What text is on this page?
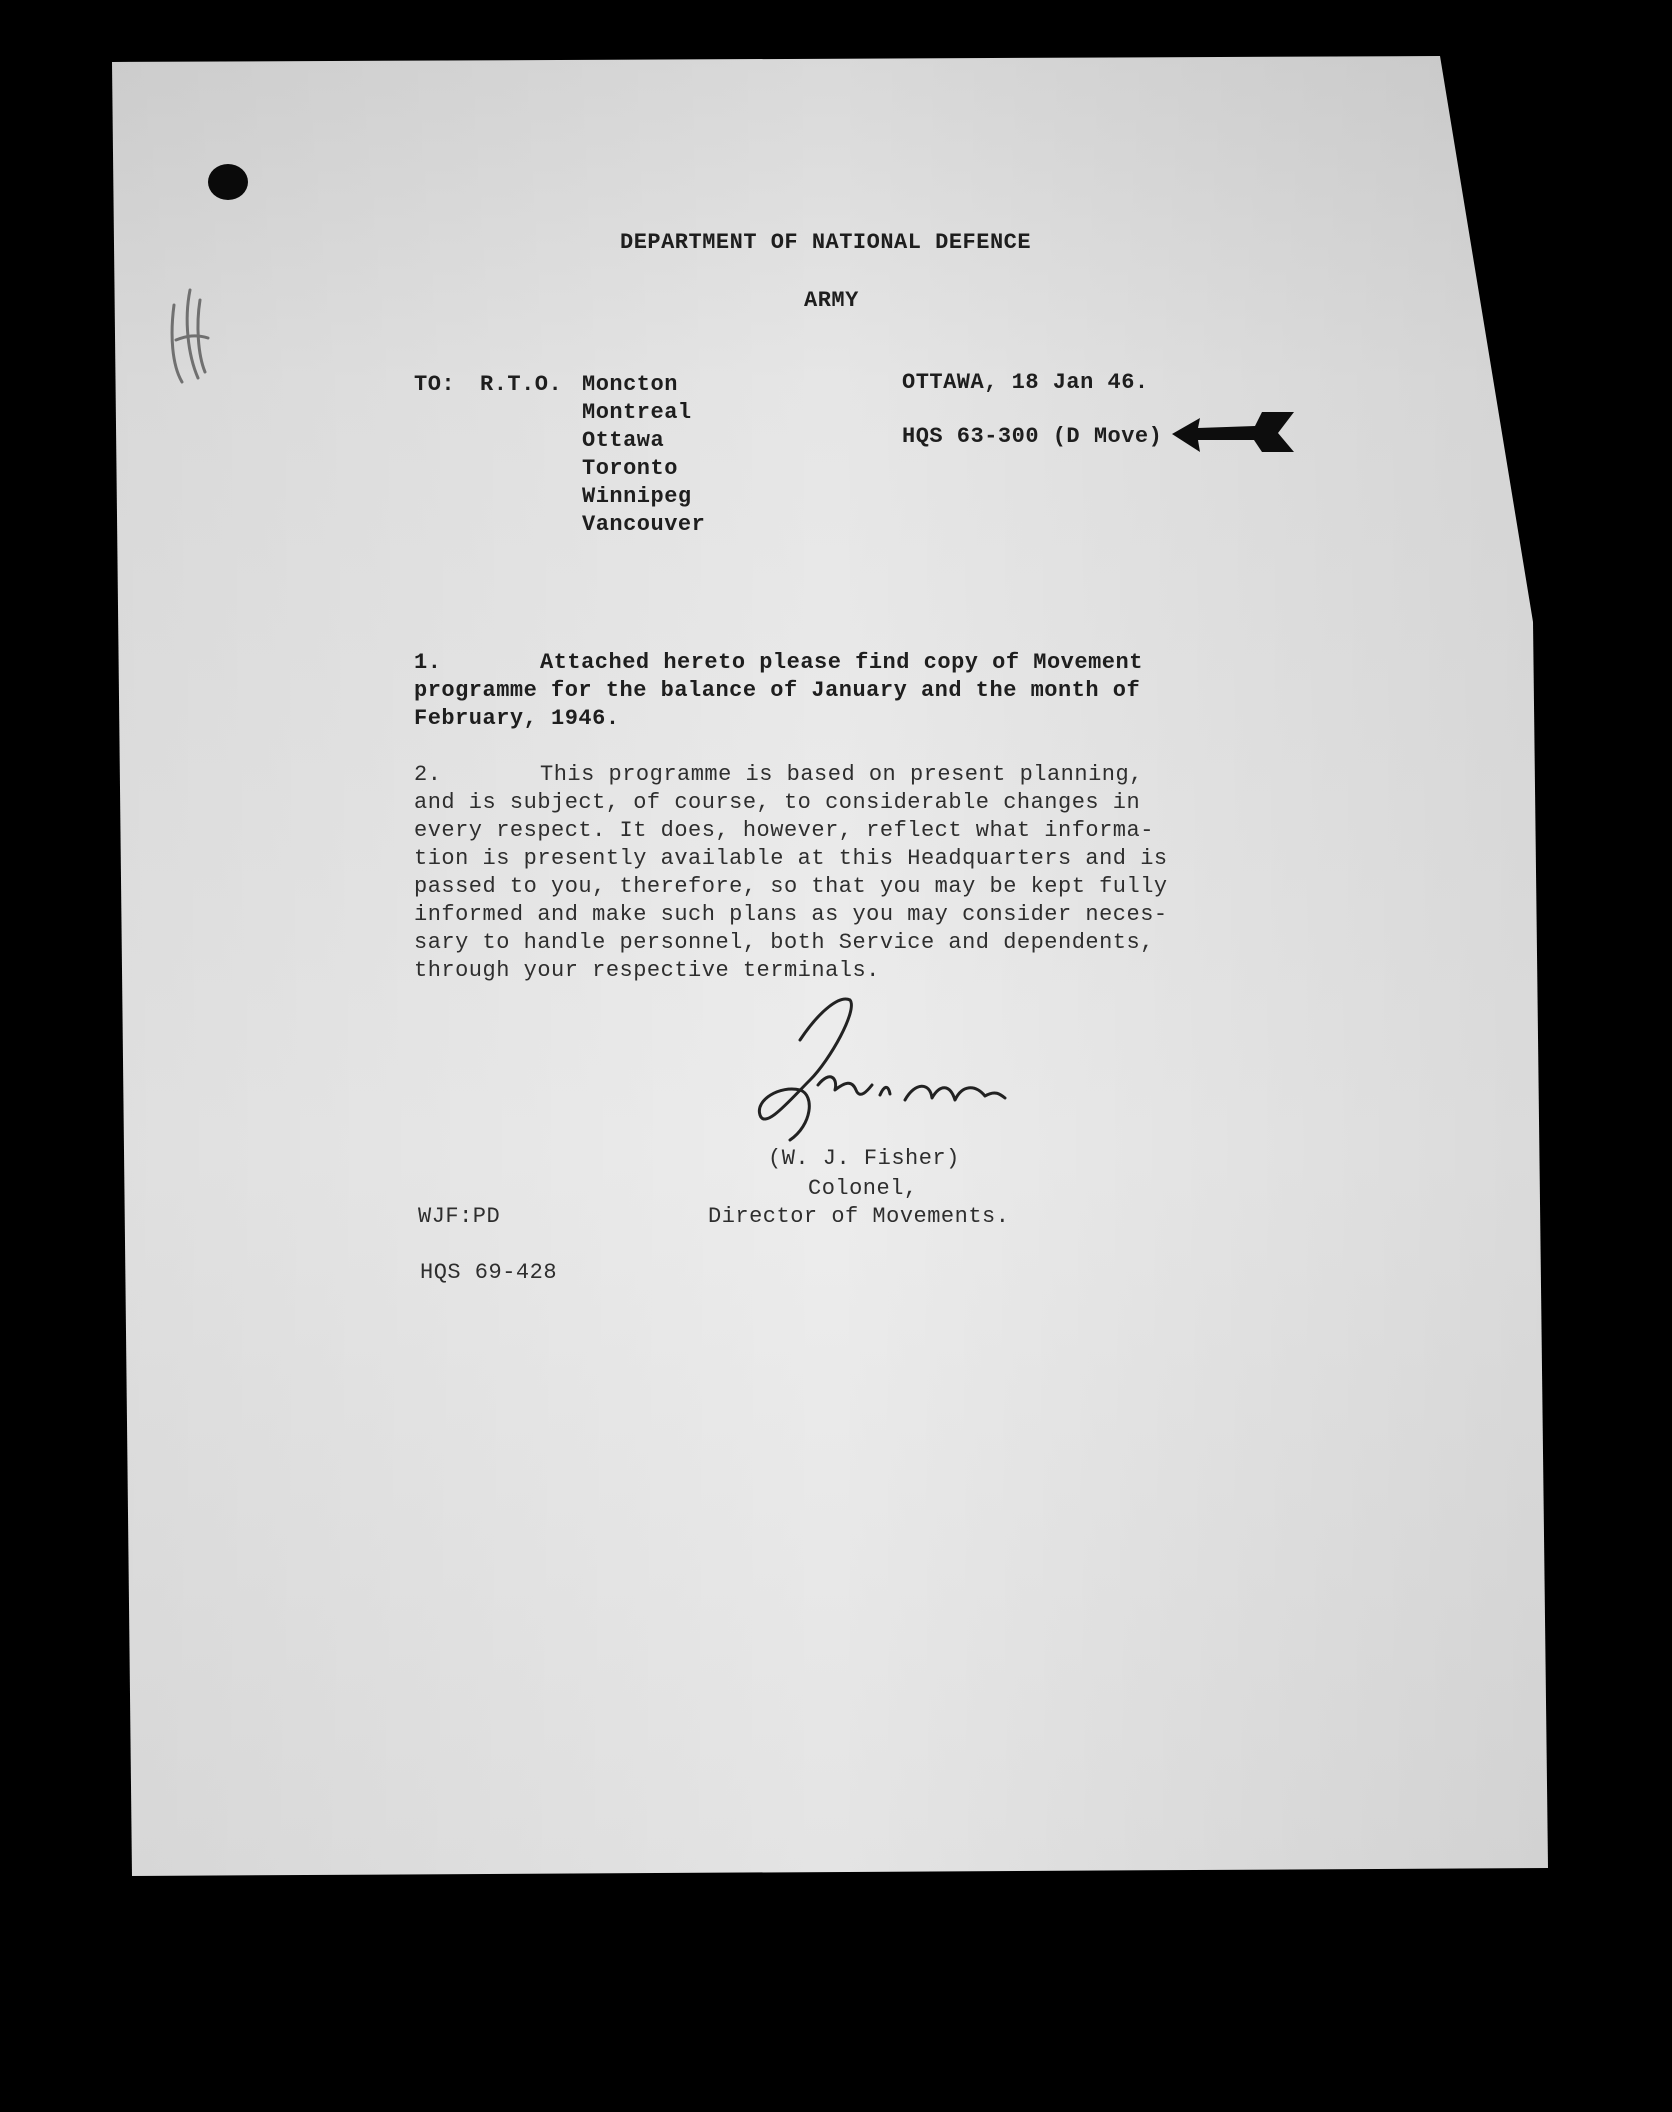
DEPARTMENT OF NATIONAL DEFENCE
ARMY
TO: R.T.O. Moncton
Montreal
Ottawa
Toronto
Winnipeg
Vancouver
OTTAWA, 18 Jan 46.
HQS 63-300 (D Move)
1.	Attached hereto please find copy of Movement
programme for the balance of January and the month of
February, 1946.
2.	This programme is based on present planning,
and is subject, of course, to considerable changes in
every respect. It does, however, reflect what informa-
tion is presently available at this Headquarters and is
passed to you, therefore, so that you may be kept fully
informed and make such plans as you may consider neces-
sary to handle personnel, both Service and dependents,
through your respective terminals.
(W. J. Fisher)
Colonel,
Director of Movements.
WJF:PD
HQS 69-428
